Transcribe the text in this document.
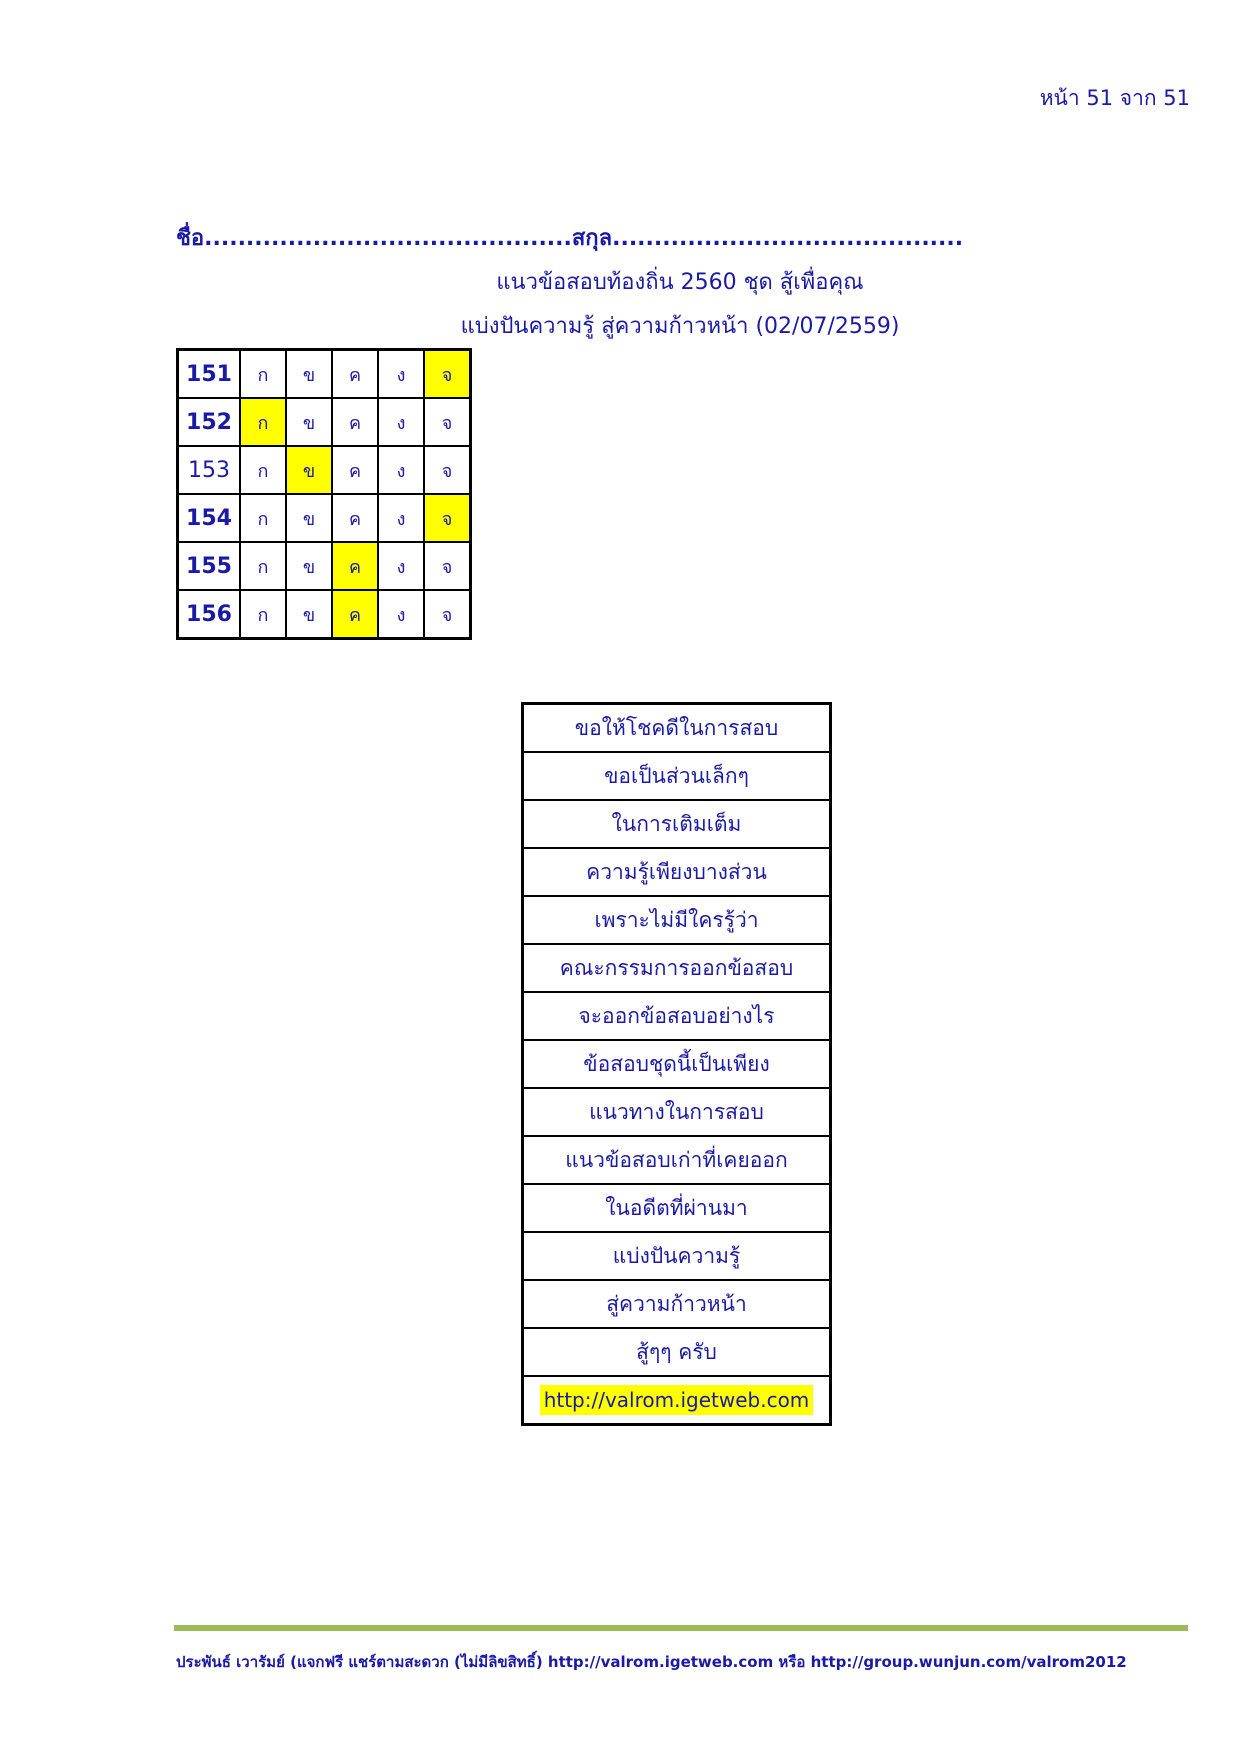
หน้า 51 จาก 51
ชื่อ............................................สกุล..........................................
แนวข้อสอบท้องถิ่น 2560 ชุด สู้เพื่อคุณ
แบ่งปันความรู้ สู่ความก้าวหน้า (02/07/2559)
151	ก	ข	ค	ง	จ
152	ก	ข	ค	ง	จ
153	ก	ข	ค	ง	จ
154	ก	ข	ค	ง	จ
155	ก	ข	ค	ง	จ
156	ก	ข	ค	ง	จ
ขอให้โชคดีในการสอบ
ขอเป็นส่วนเล็กๆ
ในการเติมเต็ม
ความรู้เพียงบางส่วน
เพราะไม่มีใครรู้ว่า
คณะกรรมการออกข้อสอบ
จะออกข้อสอบอย่างไร
ข้อสอบชุดนี้เป็นเพียง
แนวทางในการสอบ
แนวข้อสอบเก่าที่เคยออก
ในอดีตที่ผ่านมา
แบ่งปันความรู้
สู่ความก้าวหน้า
สู้ๆๆ ครับ
http://valrom.igetweb.com
ประพันธ์ เวารัมย์ (แจกฟรี แชร์ตามสะดวก (ไม่มีลิขสิทธิ์) http://valrom.igetweb.com หรือ http://group.wunjun.com/valrom2012
